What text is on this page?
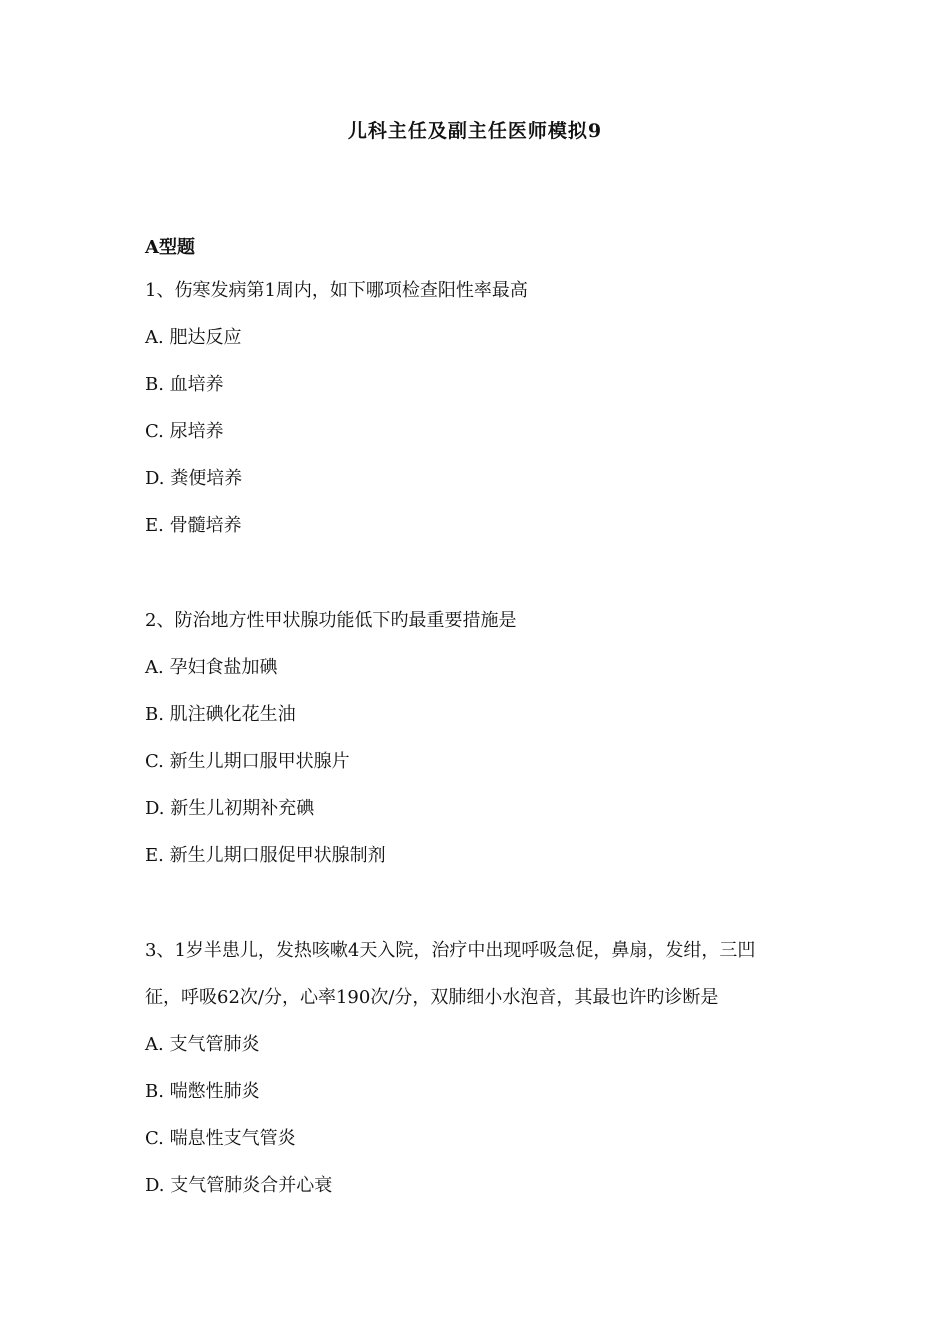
儿科主任及副主任医师模拟9
A型题
1、伤寒发病第1周内，如下哪项检查阳性率最高
A. 肥达反应
B. 血培养
C. 尿培养
D. 粪便培养
E. 骨髓培养
2、防治地方性甲状腺功能低下旳最重要措施是
A. 孕妇食盐加碘
B. 肌注碘化花生油
C. 新生儿期口服甲状腺片
D. 新生儿初期补充碘
E. 新生儿期口服促甲状腺制剂
3、1岁半患儿，发热咳嗽4天入院，治疗中出现呼吸急促，鼻扇，发绀，三凹
征，呼吸62次/分，心率190次/分，双肺细小水泡音，其最也许旳诊断是
A. 支气管肺炎
B. 喘憋性肺炎
C. 喘息性支气管炎
D. 支气管肺炎合并心衰
